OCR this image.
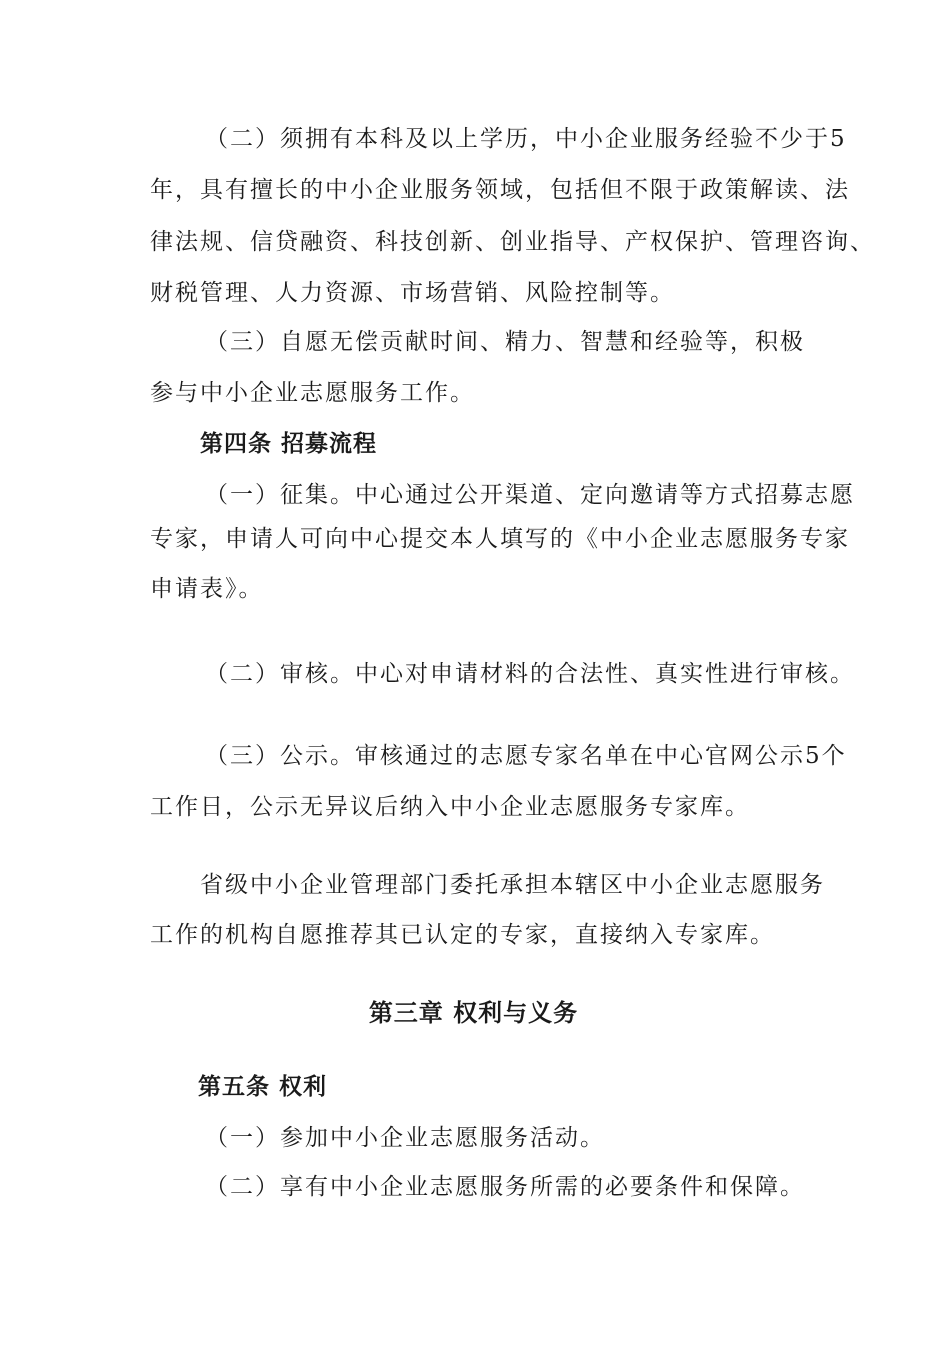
（二）须拥有本科及以上学历，中小企业服务经验不少于5
年，具有擅长的中小企业服务领域，包括但不限于政策解读、法
律法规、信贷融资、科技创新、创业指导、产权保护、管理咨询、
财税管理、人力资源、市场营销、风险控制等。
（三）自愿无偿贡献时间、精力、智慧和经验等，积极
参与中小企业志愿服务工作。
第四条 招募流程
（一）征集。中心通过公开渠道、定向邀请等方式招募志愿
专家，申请人可向中心提交本人填写的《中小企业志愿服务专家
申请表》。
（二）审核。中心对申请材料的合法性、真实性进行审核。
（三）公示。审核通过的志愿专家名单在中心官网公示5个
工作日，公示无异议后纳入中小企业志愿服务专家库。
省级中小企业管理部门委托承担本辖区中小企业志愿服务
工作的机构自愿推荐其已认定的专家，直接纳入专家库。
第三章 权利与义务
第五条 权利
（一）参加中小企业志愿服务活动。
（二）享有中小企业志愿服务所需的必要条件和保障。
